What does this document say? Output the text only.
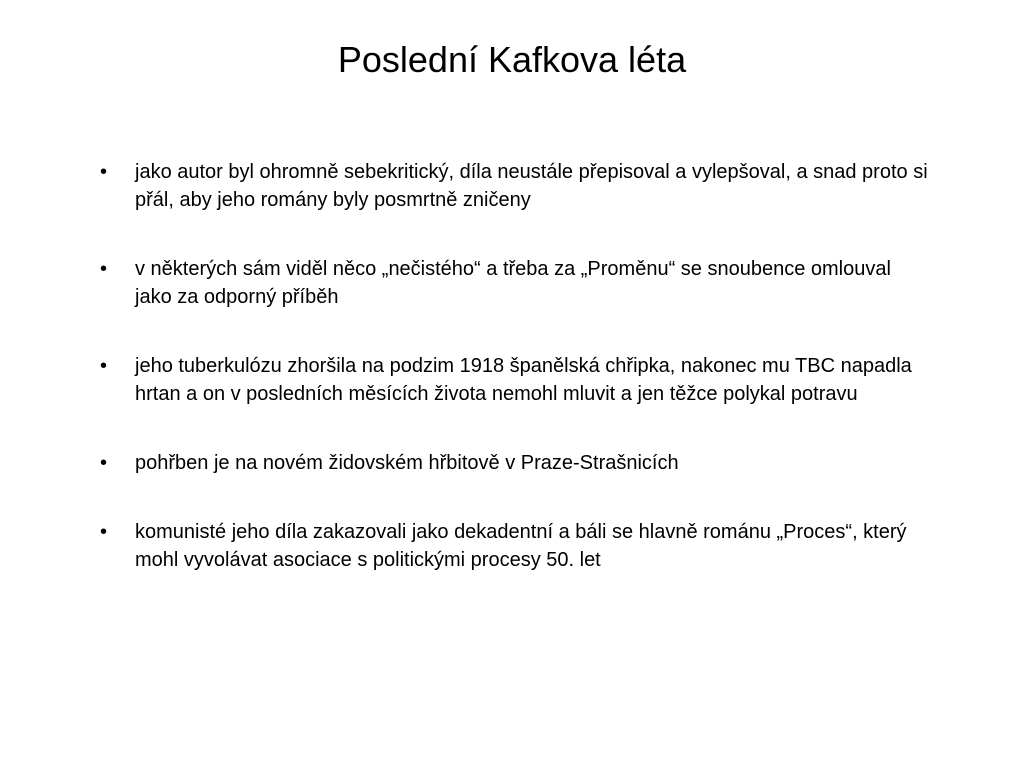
Poslední Kafkova léta
•	jako autor byl ohromně sebekritický, díla neustále přepisoval a vylepšoval, a snad proto si přál, aby jeho romány byly posmrtně zničeny
•	v některých sám viděl něco „nečistého“ a třeba za „Proměnu“ se snoubence omlouval jako za odporný příběh
•	jeho tuberkulózu zhoršila na podzim 1918 španělská chřipka, nakonec mu TBC napadla hrtan a on v posledních měsících života nemohl mluvit a jen těžce polykal potravu
•	pohřben je na novém židovském hřbitově v Praze-Strašnicích
•	komunisté jeho díla zakazovali jako dekadentní a báli se hlavně románu „Proces“, který mohl vyvolávat asociace s politickými procesy 50. let
